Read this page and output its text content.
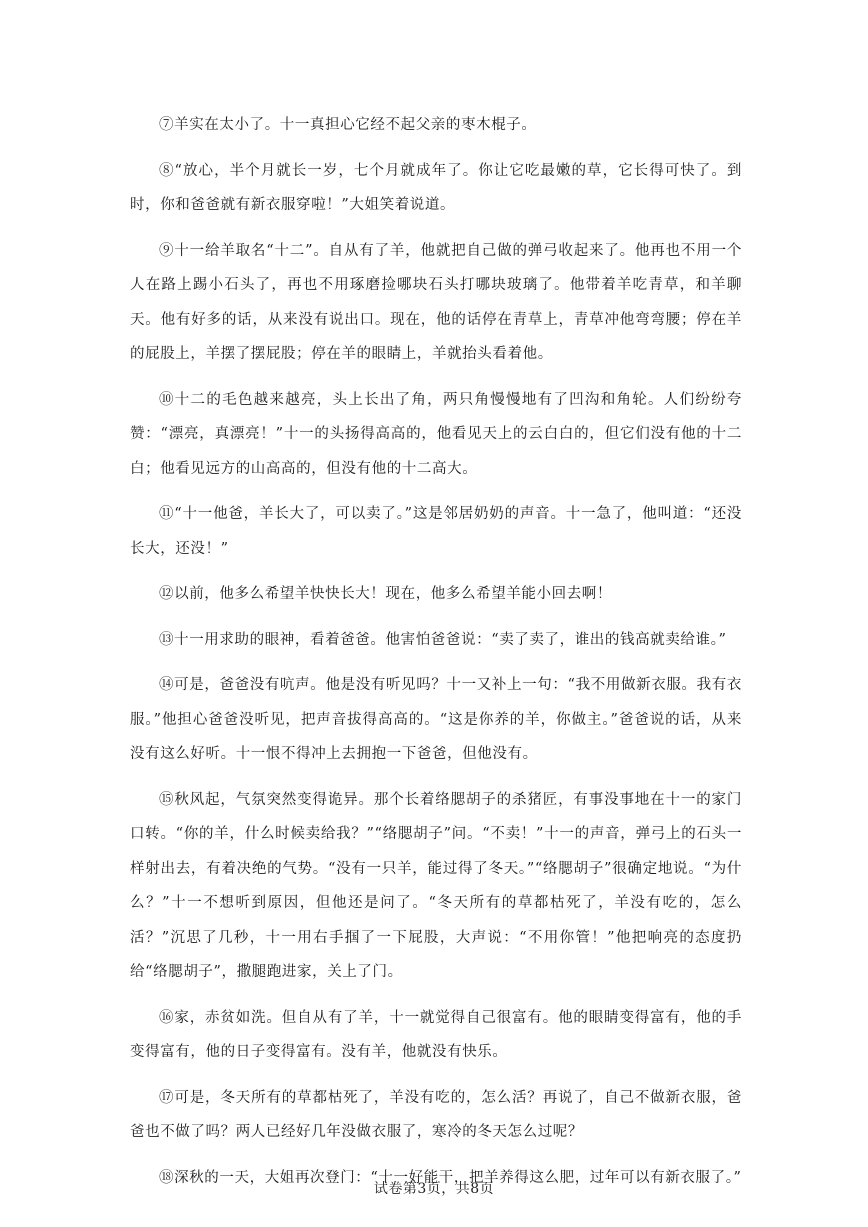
⑦羊实在太小了。十一真担心它经不起父亲的枣木棍子。

⑧“放心，半个月就长一岁，七个月就成年了。你让它吃最嫩的草，它长得可快了。到时，你和爸爸就有新衣服穿啦！”大姐笑着说道。

⑨十一给羊取名“十二”。自从有了羊，他就把自己做的弹弓收起来了。他再也不用一个人在路上踢小石头了，再也不用琢磨捡哪块石头打哪块玻璃了。他带着羊吃青草，和羊聊天。他有好多的话，从来没有说出口。现在，他的话停在青草上，青草冲他弯弯腰；停在羊的屁股上，羊摆了摆屁股；停在羊的眼睛上，羊就抬头看着他。

⑩十二的毛色越来越亮，头上长出了角，两只角慢慢地有了凹沟和角轮。人们纷纷夸赞：“漂亮，真漂亮！”十一的头扬得高高的，他看见天上的云白白的，但它们没有他的十二白；他看见远方的山高高的，但没有他的十二高大。

⑪“十一他爸，羊长大了，可以卖了。”这是邻居奶奶的声音。十一急了，他叫道：“还没长大，还没！”

⑫以前，他多么希望羊快快长大！现在，他多么希望羊能小回去啊！

⑬十一用求助的眼神，看着爸爸。他害怕爸爸说：“卖了卖了，谁出的钱高就卖给谁。”

⑭可是，爸爸没有吭声。他是没有听见吗？十一又补上一句：“我不用做新衣服。我有衣服。”他担心爸爸没听见，把声音拔得高高的。“这是你养的羊，你做主。”爸爸说的话，从来没有这么好听。十一恨不得冲上去拥抱一下爸爸，但他没有。

⑮秋风起，气氛突然变得诡异。那个长着络腮胡子的杀猪匠，有事没事地在十一的家门口转。“你的羊，什么时候卖给我？”“络腮胡子”问。“不卖！”十一的声音，弹弓上的石头一样射出去，有着决绝的气势。“没有一只羊，能过得了冬天。”“络腮胡子”很确定地说。“为什么？”十一不想听到原因，但他还是问了。“冬天所有的草都枯死了，羊没有吃的，怎么活？”沉思了几秒，十一用右手掴了一下屁股，大声说：“不用你管！”他把响亮的态度扔给“络腮胡子”，撒腿跑进家，关上了门。

⑯家，赤贫如洗。但自从有了羊，十一就觉得自己很富有。他的眼睛变得富有，他的手变得富有，他的日子变得富有。没有羊，他就没有快乐。

⑰可是，冬天所有的草都枯死了，羊没有吃的，怎么活？再说了，自己不做新衣服，爸爸也不做了吗？两人已经好几年没做衣服了，寒冷的冬天怎么过呢？

⑱深秋的一天，大姐再次登门：“十一好能干，把羊养得这么肥，过年可以有新衣服了。”

试卷第3页，共8页
